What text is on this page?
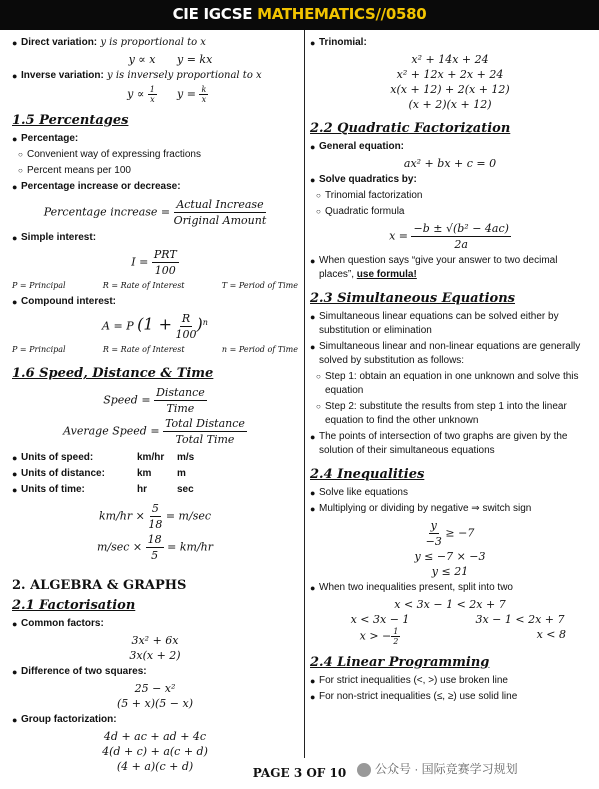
CIE IGCSE MATHEMATICS//0580
● Direct variation: y is proportional to x
y ∝ x	y = kx
● Inverse variation: y is inversely proportional to x
$y \propto \frac{1}{x}$ $y = \frac{k}{x}$
1.5 Percentages
● Percentage:
○ Convenient way of expressing fractions
○ Percent means per 100
● Percentage increase or decrease:
Percentage increase = $\frac{\text{Actual Increase}}{\text{Original Amount}}$
● Simple interest:
$I = \frac{\text{PRT}}{100}$
P = Principal	R = Rate of Interest	T = Period of Time
● Compound interest:
A = P $(1 + \frac{R}{100} )^n$
P = Principal	R = Rate of Interest	n = Period of Time
1.6 Speed, Distance & Time
Speed = $\frac{\text{Distance}}{\text{Time}}$
Average Speed = $\frac{\text{Total Distance}}{\text{Total Time}}$
● Units of speed:	km/hr	m/s
● Units of distance:	km	m
● Units of time:	hr	sec
$km/hr \times \frac{5}{18} = m/\sec$
$m/\sec \times \frac{18}{5} = km/hr$
2. ALGEBRA & GRAPHS
2.1 Factorisation
● Common factors:
3x² + 6x
3x(x + 2)
● Difference of two squares:
25 − x²
(5 + x)(5 − x)
● Group factorization:
4d + ac + ad + 4c
4(d + c) + a(c + d)
(4 + a)(c + d)
● Trinomial:
x² + 14x + 24
x² + 12x + 2x + 24
x(x + 12) + 2(x + 12)
(x + 2)(x + 12)
2.2 Quadratic Factorization
● General equation:
ax² + bx + c = 0
● Solve quadratics by:
○ Trinomial factorization
○ Quadratic formula
$x = \frac{\text{−b ± √(b² − 4ac)}}{2a}$
● When question says “give your answer to two decimal places”, use formula!
2.3 Simultaneous Equations
● Simultaneous linear equations can be solved either by substitution or elimination
● Simultaneous linear and non-linear equations are generally solved by substitution as follows:
○ Step 1: obtain an equation in one unknown and solve this equation
○ Step 2: substitute the results from step 1 into the linear equation to find the other unknown
● The points of intersection of two graphs are given by the solution of their simultaneous equations
2.4 Inequalities
● Solve like equations
● Multiplying or dividing by negative ⇒ switch sign
$\frac{y}{-3} \ge -7$
y ≤ −7 × −3
y ≤ 21
● When two inequalities present, split into two
x < 3x − 1 < 2x + 7
x < 3x − 1	3x − 1 < 2x + 7
x > − $\frac{1}{2}$	x < 8
2.4 Linear Programming
● For strict inequalities (<, >) use broken line
● For non-strict inequalities (≤, ≥) use solid line
PAGE 3 OF 10	公众号 · 国际竞赛学习规划
